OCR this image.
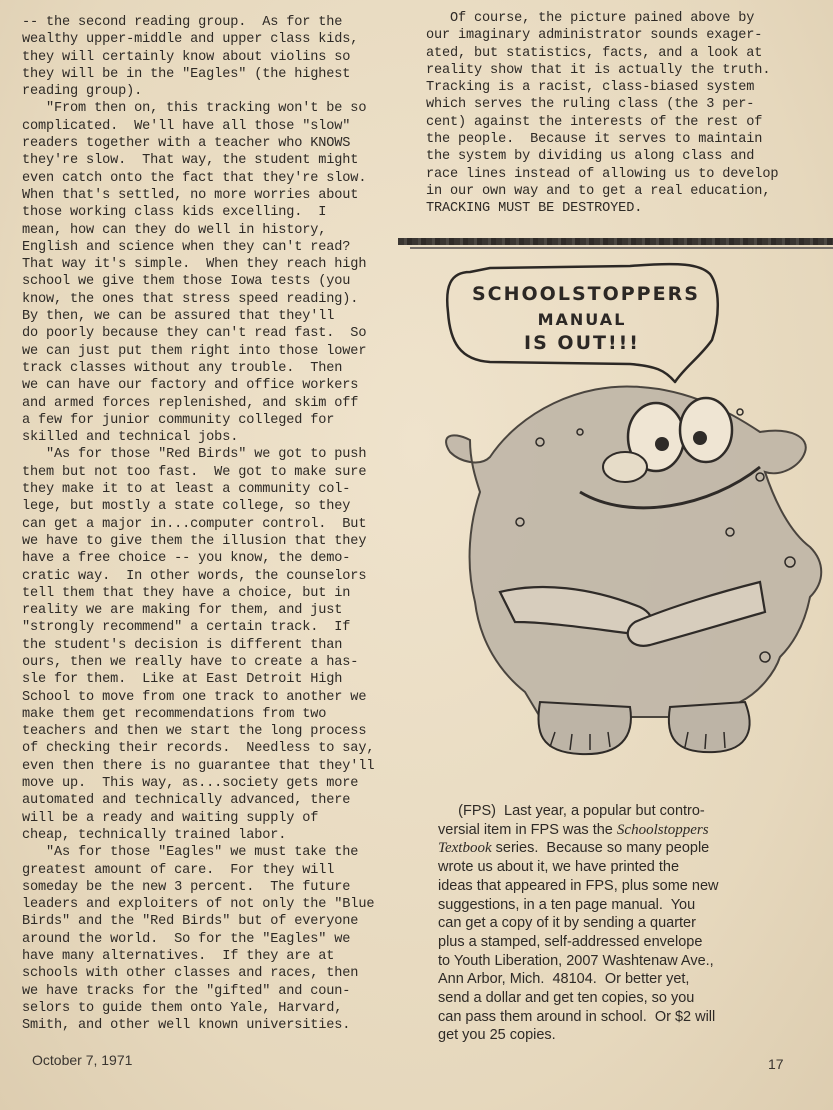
-- the second reading group.  As for the

wealthy upper-middle and upper class kids,

they will certainly know about violins so

they will be in the "Eagles" (the highest

reading group).

"From then on, this tracking won't be so

complicated.  We'll have all those "slow"

readers together with a teacher who KNOWS

they're slow.  That way, the student might

even catch onto the fact that they're slow.

When that's settled, no more worries about

those working class kids excelling.  I

mean, how can they do well in history,

English and science when they can't read?

That way it's simple.  When they reach high

school we give them those Iowa tests (you

know, the ones that stress speed reading).

By then, we can be assured that they'll

do poorly because they can't read fast.  So

we can just put them right into those lower

track classes without any trouble.  Then

we can have our factory and office workers

and armed forces replenished, and skim off

a few for junior community colleged for

skilled and technical jobs.

"As for those "Red Birds" we got to push

them but not too fast.  We got to make sure

they make it to at least a community col-

lege, but mostly a state college, so they

can get a major in...computer control.  But

we have to give them the illusion that they

have a free choice -- you know, the demo-

cratic way.  In other words, the counselors

tell them that they have a choice, but in

reality we are making for them, and just

"strongly recommend" a certain track.  If

the student's decision is different than

ours, then we really have to create a has-

sle for them.  Like at East Detroit High

School to move from one track to another we

make them get recommendations from two

teachers and then we start the long process

of checking their records.  Needless to say,

even then there is no guarantee that they'll

move up.  This way, as...society gets more

automated and technically advanced, there

will be a ready and waiting supply of

cheap, technically trained labor.

"As for those "Eagles" we must take the

greatest amount of care.  For they will

someday be the new 3 percent.  The future

leaders and exploiters of not only the "Blue

Birds" and the "Red Birds" but of everyone

around the world.  So for the "Eagles" we

have many alternatives.  If they are at

schools with other classes and races, then

we have tracks for the "gifted" and coun-

selors to guide them onto Yale, Harvard,

Smith, and other well known universities.

Of course, the picture pained above by

our imaginary administrator sounds exager-

ated, but statistics, facts, and a look at

reality show that it is actually the truth.

Tracking is a racist, class-biased system

which serves the ruling class (the 3 per-

cent) against the interests of the rest of

the people.  Because it serves to maintain

the system by dividing us along class and

race lines instead of allowing us to develop

in our own way and to get a real education,

TRACKING MUST BE DESTROYED.

SCHOOLSTOPPERS
MANUAL
IS OUT!!!
(FPS)  Last year, a popular but contro-
versial item in FPS was the Schoolstoppers
Textbook series.  Because so many people
wrote us about it, we have printed the
ideas that appeared in FPS, plus some new
suggestions, in a ten page manual.  You
can get a copy of it by sending a quarter
plus a stamped, self-addressed envelope
to Youth Liberation, 2007 Washtenaw Ave.,
Ann Arbor, Mich.  48104.  Or better yet,
send a dollar and get ten copies, so you
can pass them around in school.  Or $2 will
get you 25 copies.
October 7, 1971	17
